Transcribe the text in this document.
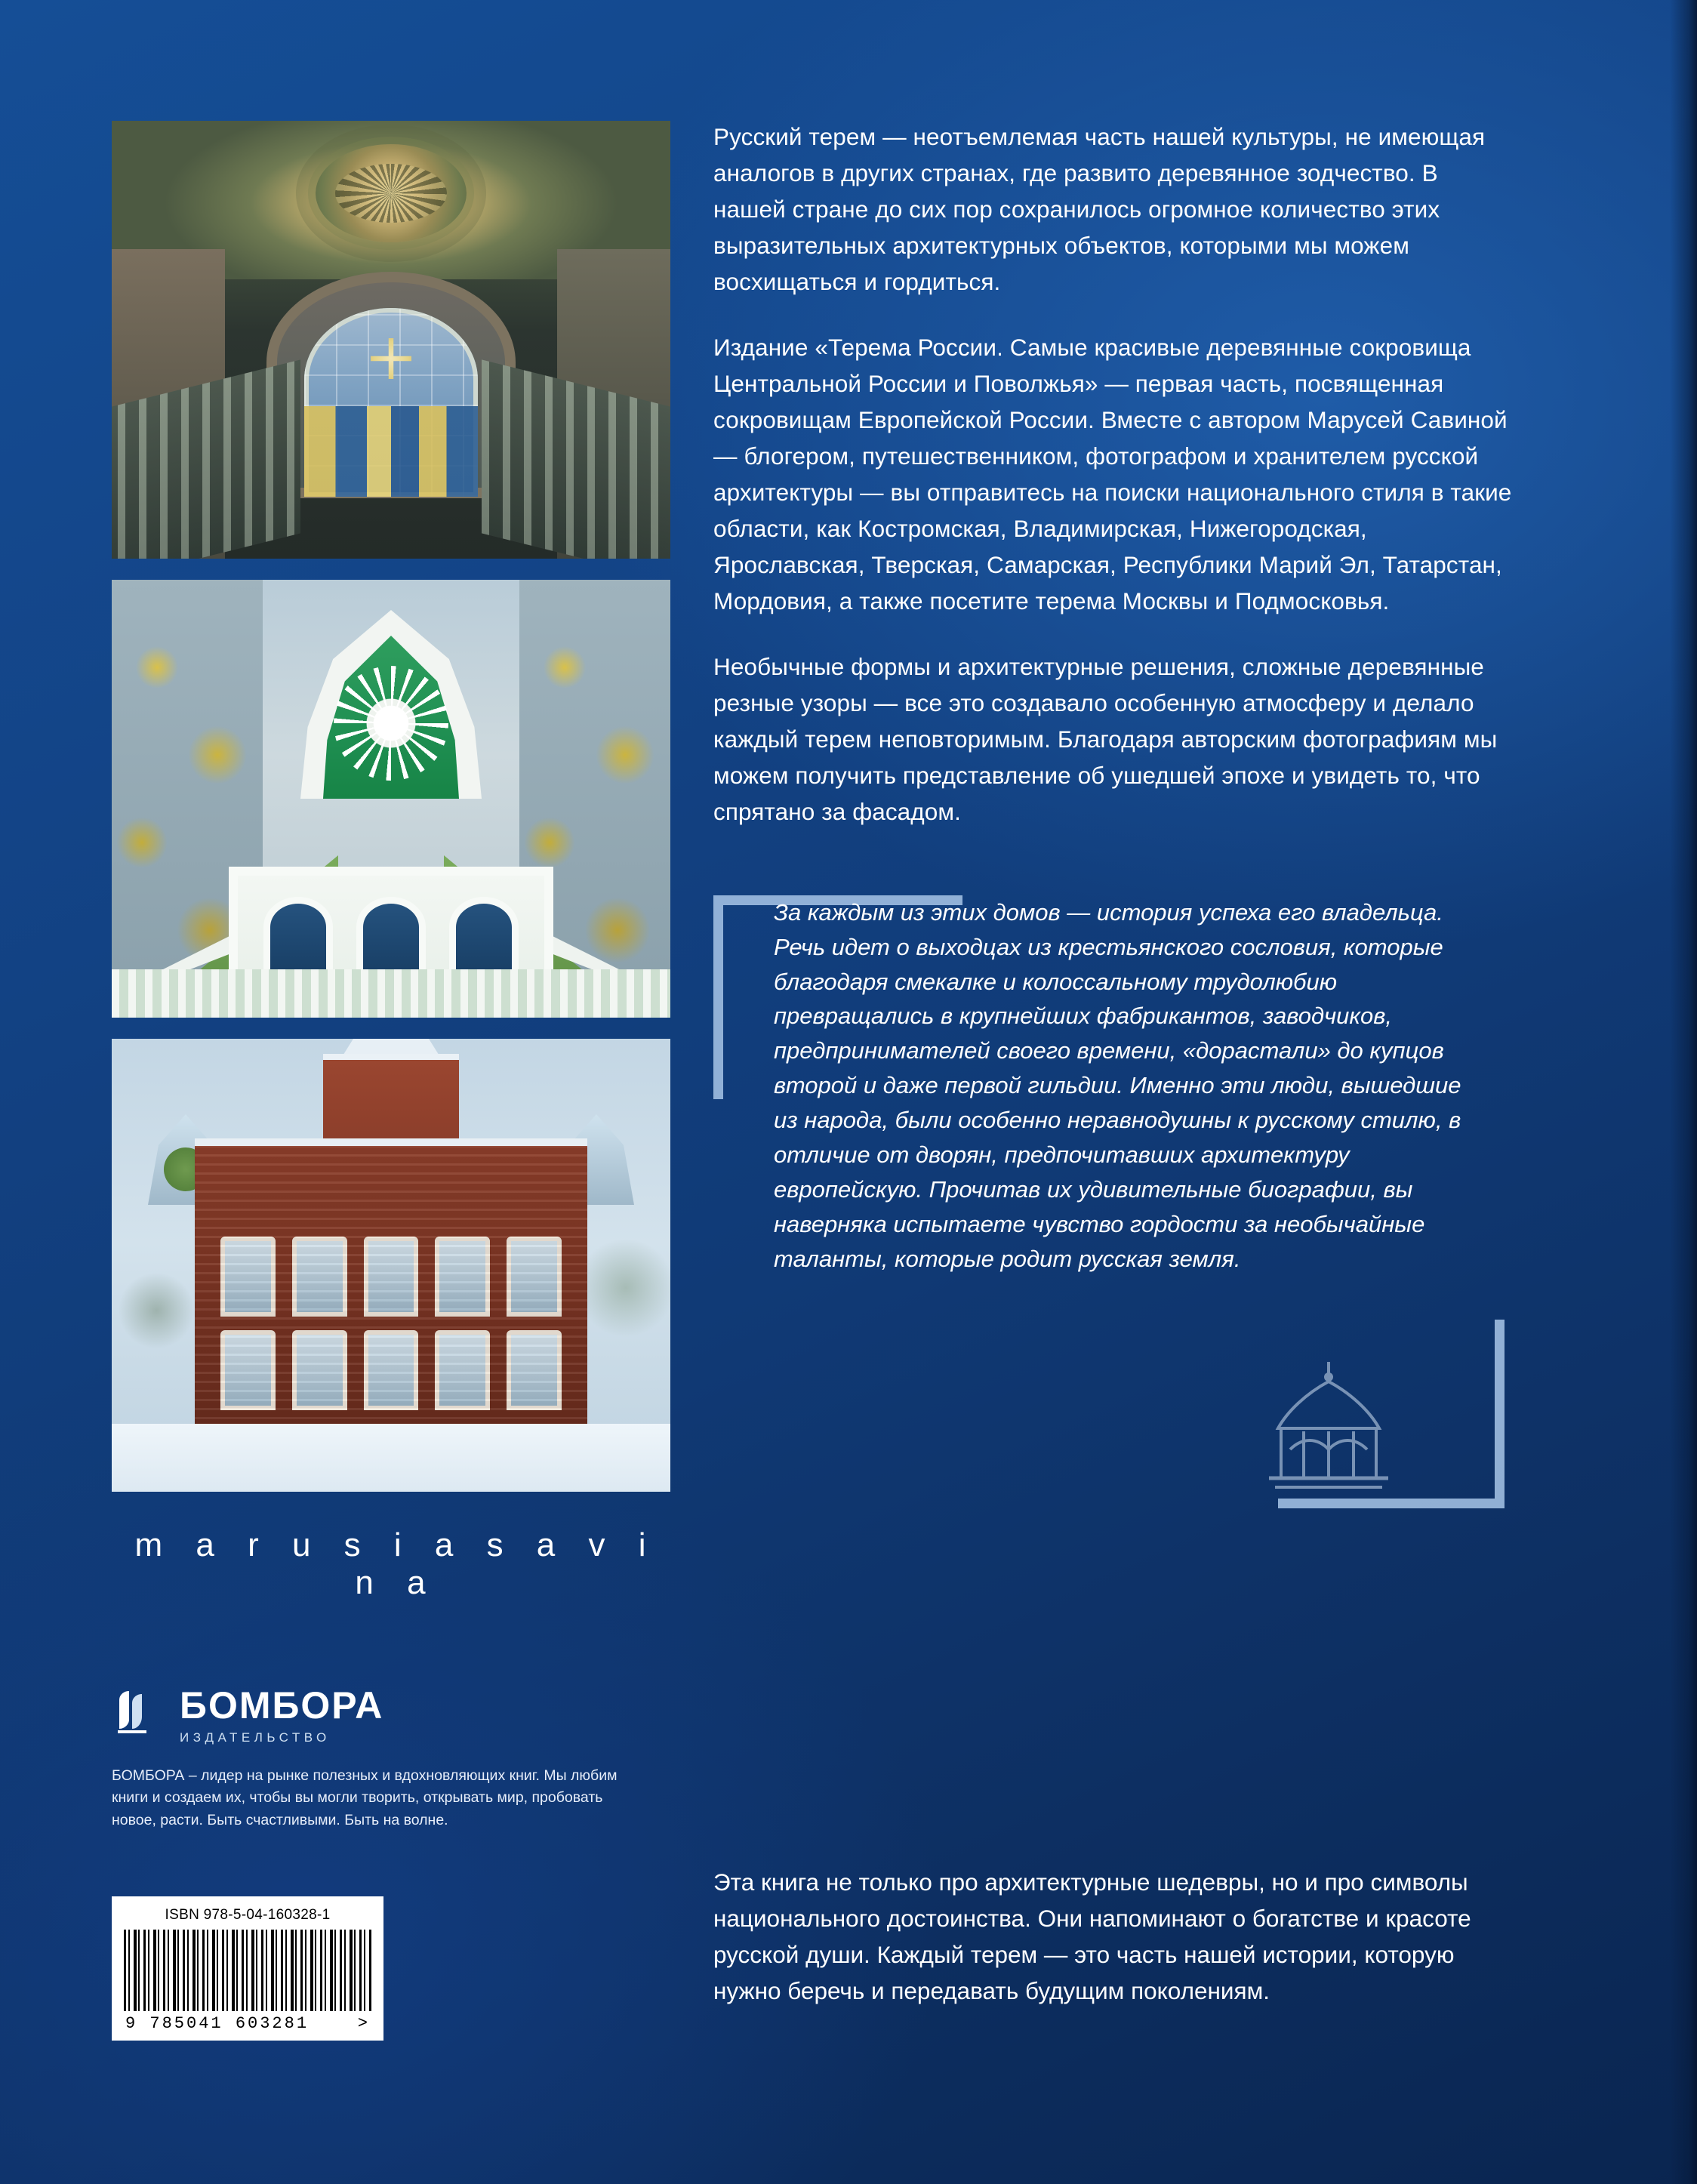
m a r u s i a s a v i n a
БОМБОРА
ИЗДАТЕЛЬСТВО
БОМБОРА – лидер на рынке полезных и вдохновляющих книг. Мы любим книги и создаем их, чтобы вы могли творить, открывать мир, пробовать новое, расти. Быть счастливыми. Быть на волне.
ISBN 978-5-04-160328-1
9 785041 603281	>

Русский терем — неотъемлемая часть нашей культуры, не имеющая аналогов в других странах, где развито деревянное зодчество. В нашей стране до сих пор сохранилось огромное количество этих выразительных архитектурных объектов, которыми мы можем восхищаться и гордиться.

Издание «Терема России. Самые красивые деревянные сокровища Центральной России и Поволжья» — первая часть, посвященная сокровищам Европейской России. Вместе с автором Марусей Савиной — блогером, путешественником, фотографом и хранителем русской архитектуры — вы отправитесь на поиски национального стиля в такие области, как Костромская, Владимирская, Нижегородская, Ярославская, Тверская, Самарская, Республики Марий Эл, Татарстан, Мордовия, а также посетите терема Москвы и Подмосковья.

Необычные формы и архитектурные решения, сложные деревянные резные узоры — все это создавало особенную атмосферу и делало каждый терем неповторимым. Благодаря авторским фотографиям мы можем получить представление об ушедшей эпохе и увидеть то, что спрятано за фасадом.

За каждым из этих домов — история успеха его владельца. Речь идет о выходцах из крестьянского сословия, которые благодаря смекалке и колоссальному трудолюбию превращались в крупнейших фабрикантов, заводчиков, предпринимателей своего времени, «дорастали» до купцов второй и даже первой гильдии. Именно эти люди, вышедшие из народа, были особенно неравнодушны к русскому стилю, в отличие от дворян, предпочитавших архитектуру европейскую. Прочитав их удивительные биографии, вы наверняка испытаете чувство гордости за необычайные таланты, которые родит русская земля.

Эта книга не только про архитектурные шедевры, но и про символы национального достоинства. Они напоминают о богатстве и красоте русской души. Каждый терем — это часть нашей истории, которую нужно беречь и передавать будущим поколениям.
